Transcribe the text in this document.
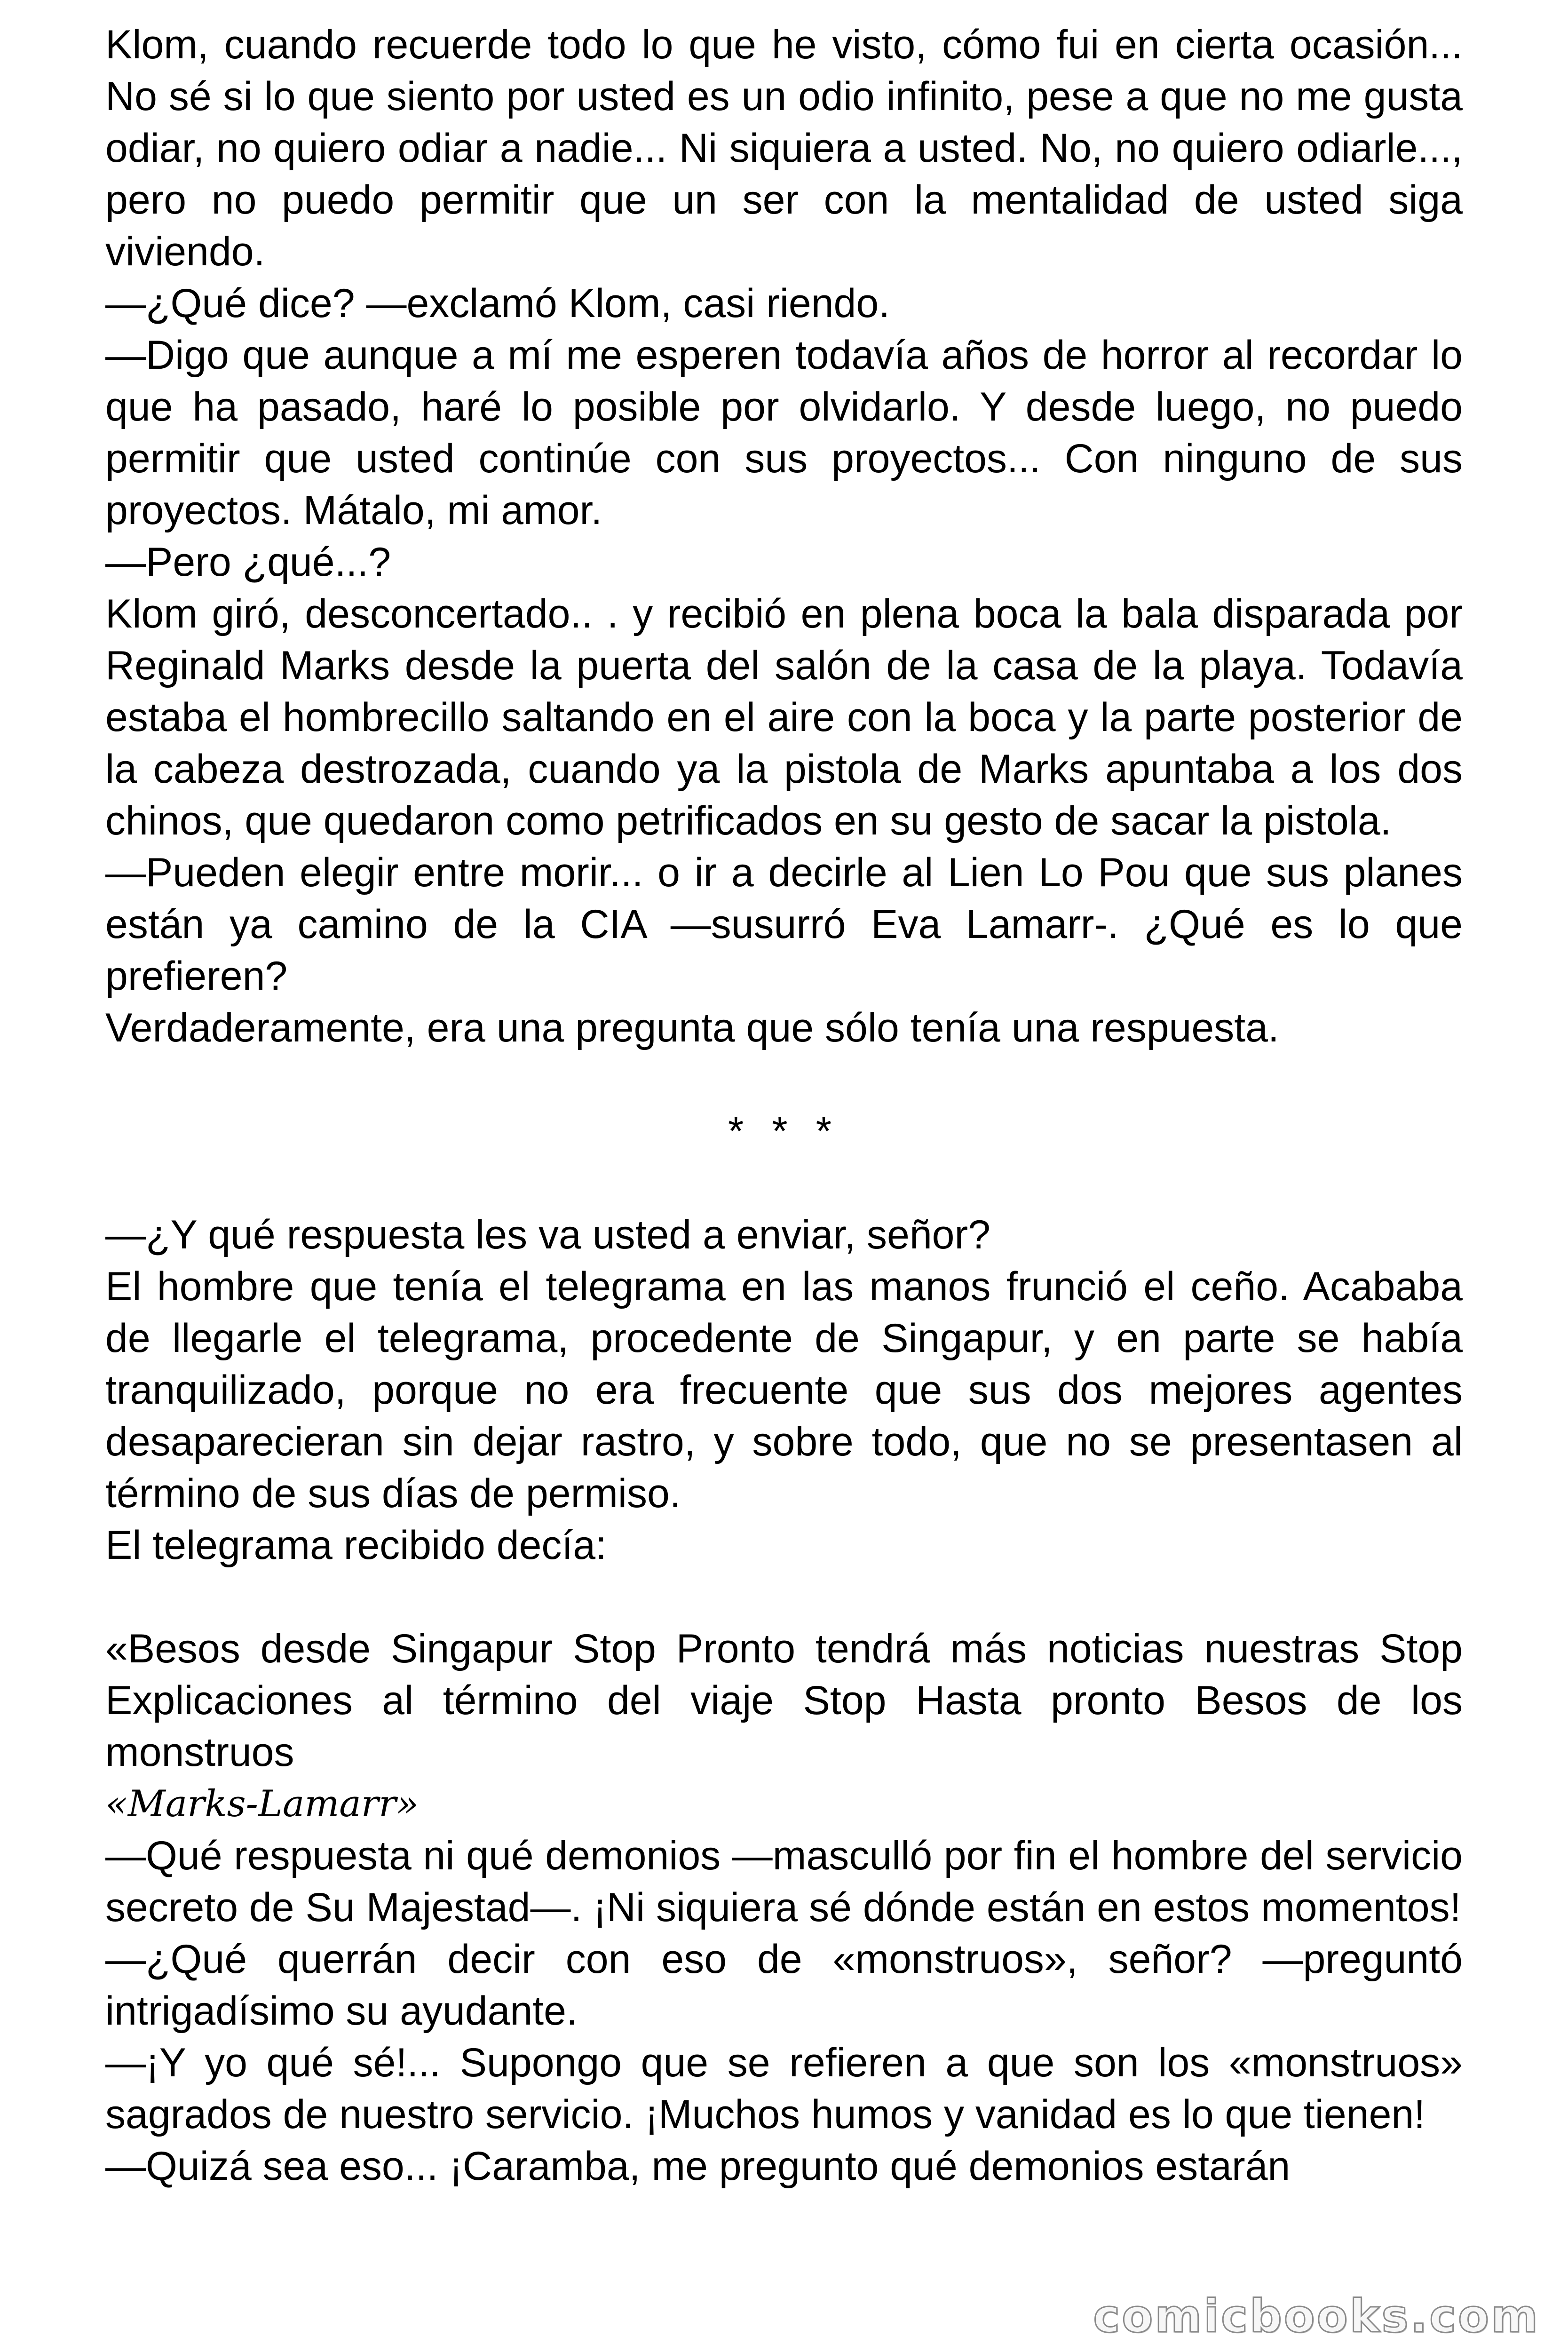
Klom, cuando recuerde todo lo que he visto, cómo fui en cierta ocasión... No sé si lo que siento por usted es un odio infinito, pese a que no me gusta odiar, no quiero odiar a nadie... Ni siquiera a usted. No, no quiero odiarle..., pero no puedo permitir que un ser con la mentalidad de usted siga viviendo.

—¿Qué dice? —exclamó Klom, casi riendo.

—Digo que aunque a mí me esperen todavía años de horror al recordar lo que ha pasado, haré lo posible por olvidarlo. Y desde luego, no puedo permitir que usted continúe con sus proyectos... Con ninguno de sus proyectos. Mátalo, mi amor.

—Pero ¿qué...?

Klom giró, desconcertado.. . y recibió en plena boca la bala disparada por Reginald Marks desde la puerta del salón de la casa de la playa. Todavía estaba el hombrecillo saltando en el aire con la boca y la parte posterior de la cabeza destrozada, cuando ya la pistola de Marks apuntaba a los dos chinos, que quedaron como petrificados en su gesto de sacar la pistola.

—Pueden elegir entre morir... o ir a decirle al Lien Lo Pou que sus planes están ya camino de la CIA —susurró Eva Lamarr-. ¿Qué es lo que prefieren?

Verdaderamente, era una pregunta que sólo tenía una respuesta.

* * *

—¿Y qué respuesta les va usted a enviar, señor?

El hombre que tenía el telegrama en las manos frunció el ceño. Acababa de llegarle el telegrama, procedente de Singapur, y en parte se había tranquilizado, porque no era frecuente que sus dos mejores agentes desaparecieran sin dejar rastro, y sobre todo, que no se presentasen al término de sus días de permiso.

El telegrama recibido decía:

«Besos desde Singapur Stop Pronto tendrá más noticias nuestras Stop Explicaciones al término del viaje Stop Hasta pronto Besos de los monstruos

«Marks-Lamarr»

—Qué respuesta ni qué demonios —masculló por fin el hombre del servicio secreto de Su Majestad—. ¡Ni siquiera sé dónde están en estos momentos!

—¿Qué querrán decir con eso de «monstruos», señor? —preguntó intrigadísimo su ayudante.

—¡Y yo qué sé!... Supongo que se refieren a que son los «monstruos» sagrados de nuestro servicio. ¡Muchos humos y vanidad es lo que tienen!

—Quizá sea eso... ¡Caramba, me pregunto qué demonios estarán

comicbooks.com
